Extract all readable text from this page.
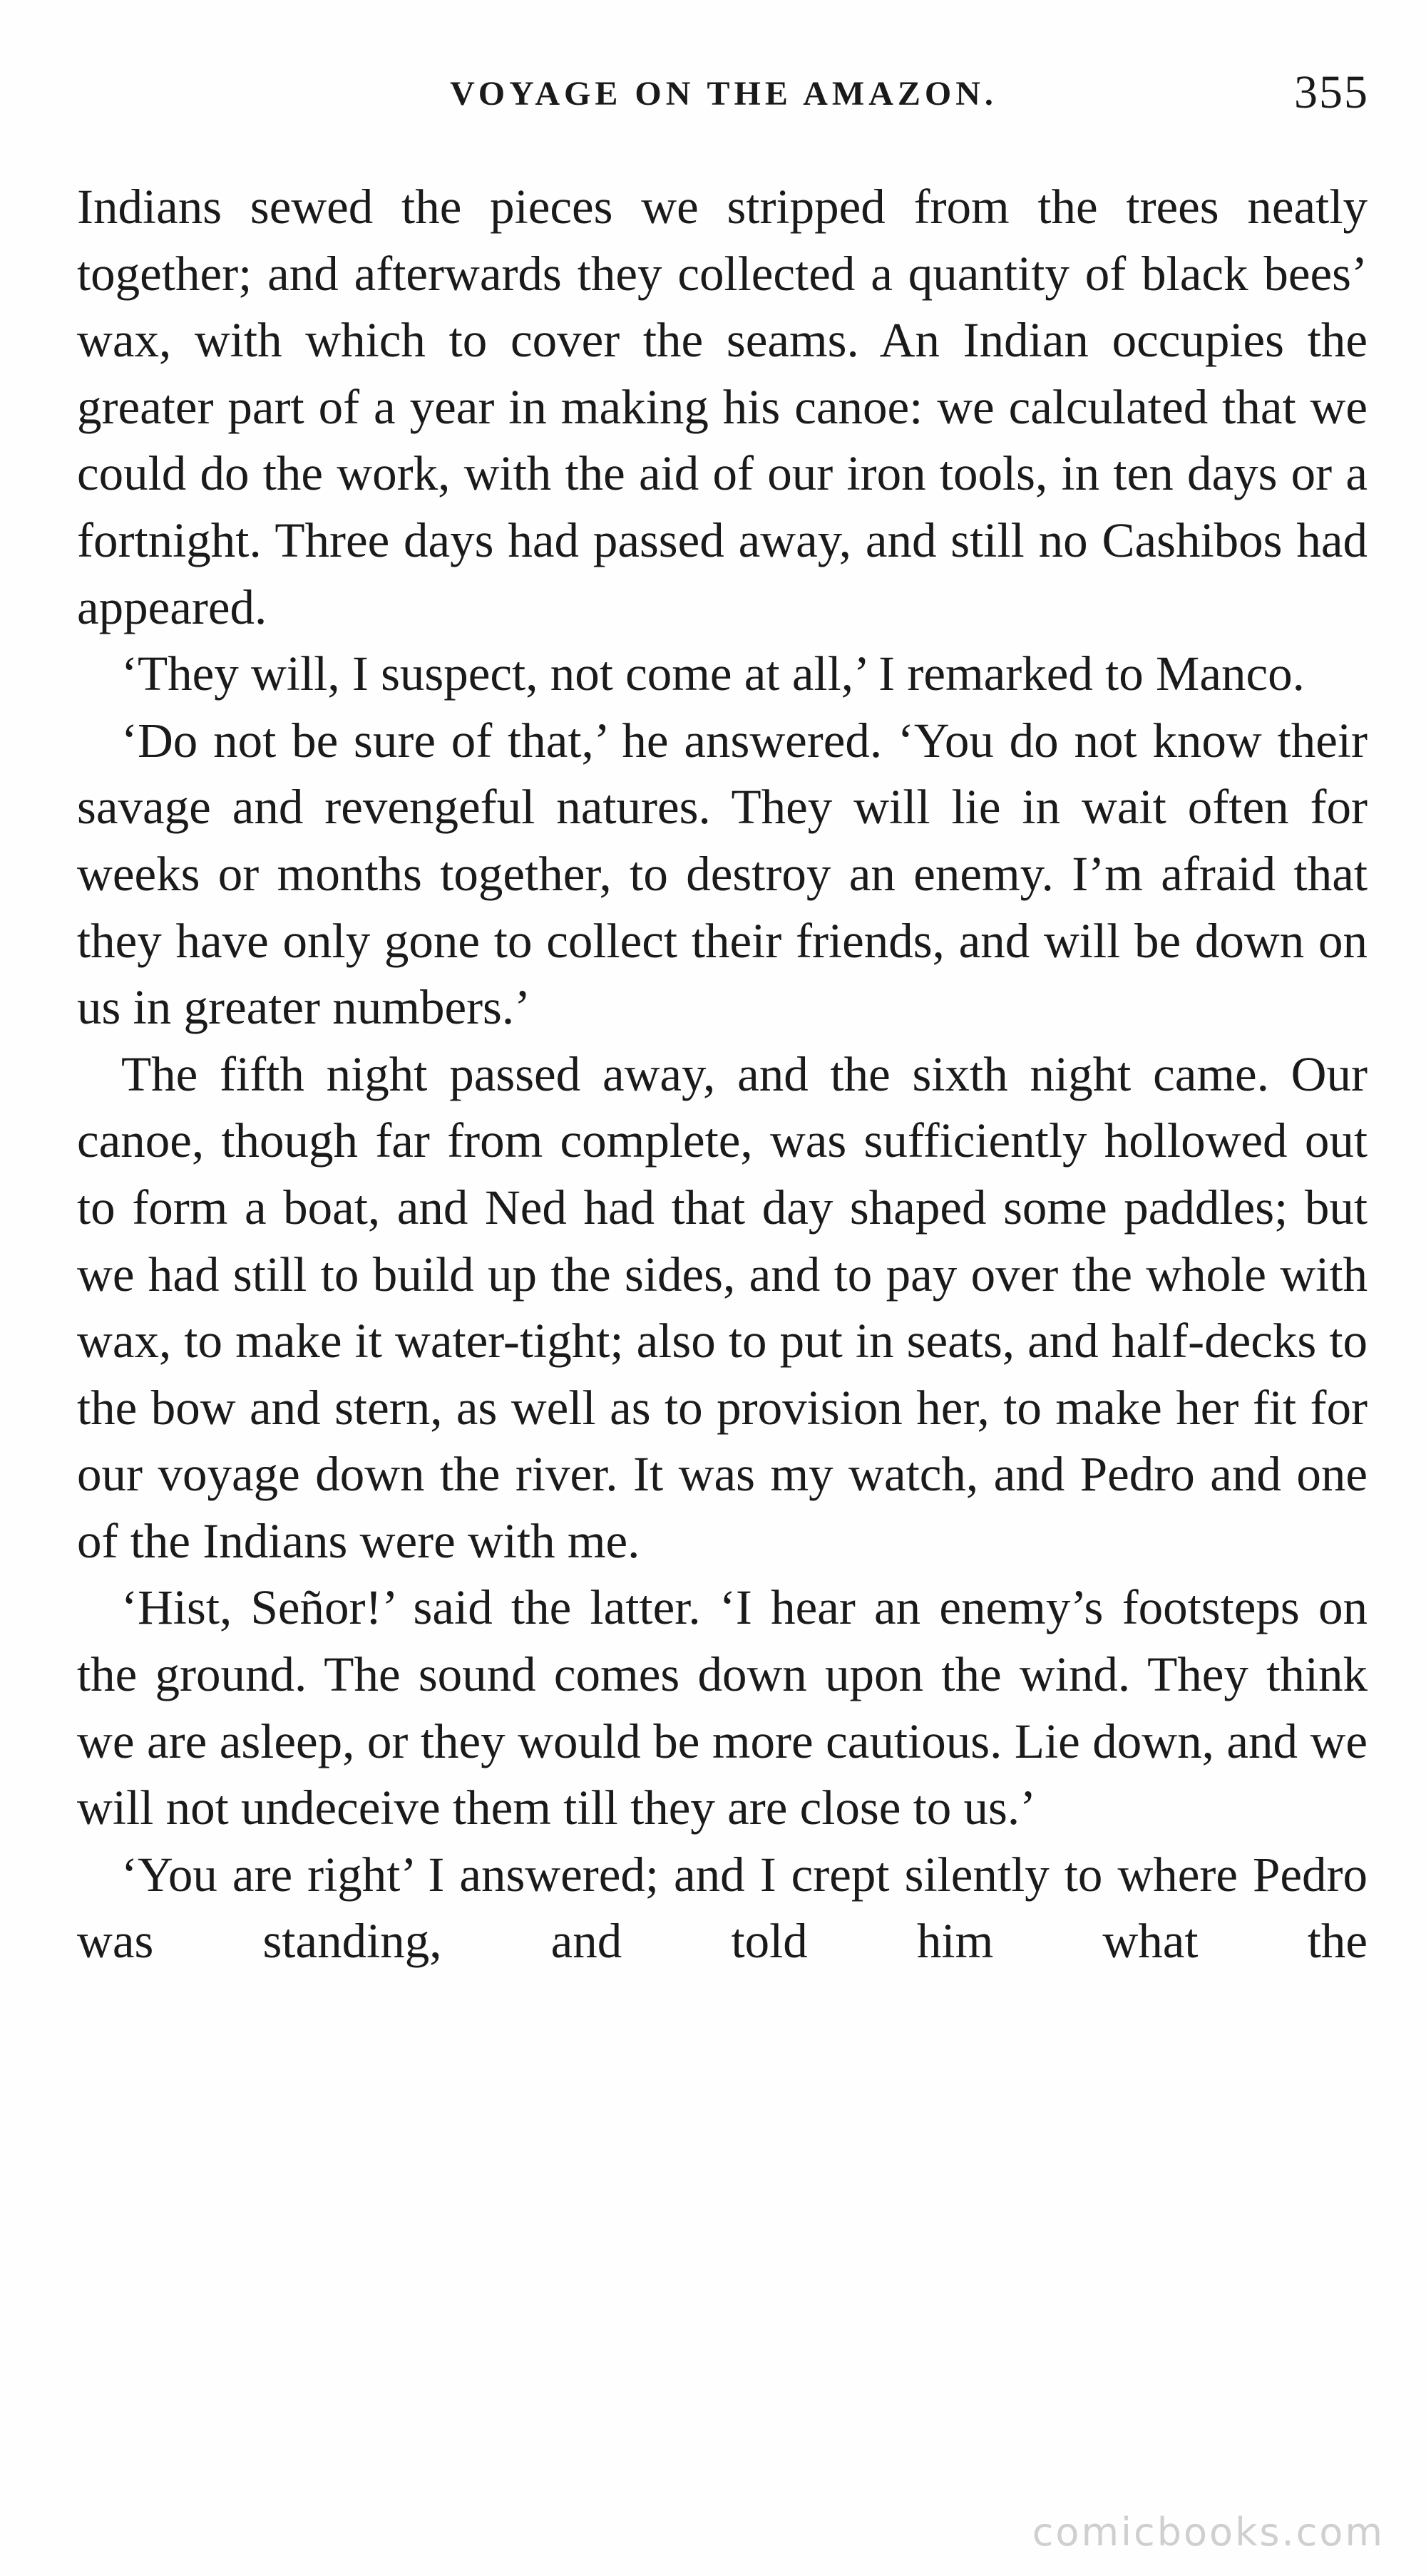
VOYAGE ON THE AMAZON.	355

Indians sewed the pieces we stripped from the trees neatly together; and afterwards they collected a quantity of black bees’ wax, with which to cover the seams. An Indian occupies the greater part of a year in making his canoe: we calculated that we could do the work, with the aid of our iron tools, in ten days or a fortnight. Three days had passed away, and still no Cashibos had appeared.

‘They will, I suspect, not come at all,’ I remarked to Manco.

‘Do not be sure of that,’ he answered. ‘You do not know their savage and revengeful natures. They will lie in wait often for weeks or months together, to destroy an enemy. I’m afraid that they have only gone to collect their friends, and will be down on us in greater numbers.’

The fifth night passed away, and the sixth night came. Our canoe, though far from complete, was sufficiently hollowed out to form a boat, and Ned had that day shaped some paddles; but we had still to build up the sides, and to pay over the whole with wax, to make it water-tight; also to put in seats, and half-decks to the bow and stern, as well as to provision her, to make her fit for our voyage down the river. It was my watch, and Pedro and one of the Indians were with me.

‘Hist, Señor!’ said the latter. ‘I hear an enemy’s footsteps on the ground. The sound comes down upon the wind. They think we are asleep, or they would be more cautious. Lie down, and we will not undeceive them till they are close to us.’

‘You are right’ I answered; and I crept silently to where Pedro was standing, and told him what the

comicbooks.com
